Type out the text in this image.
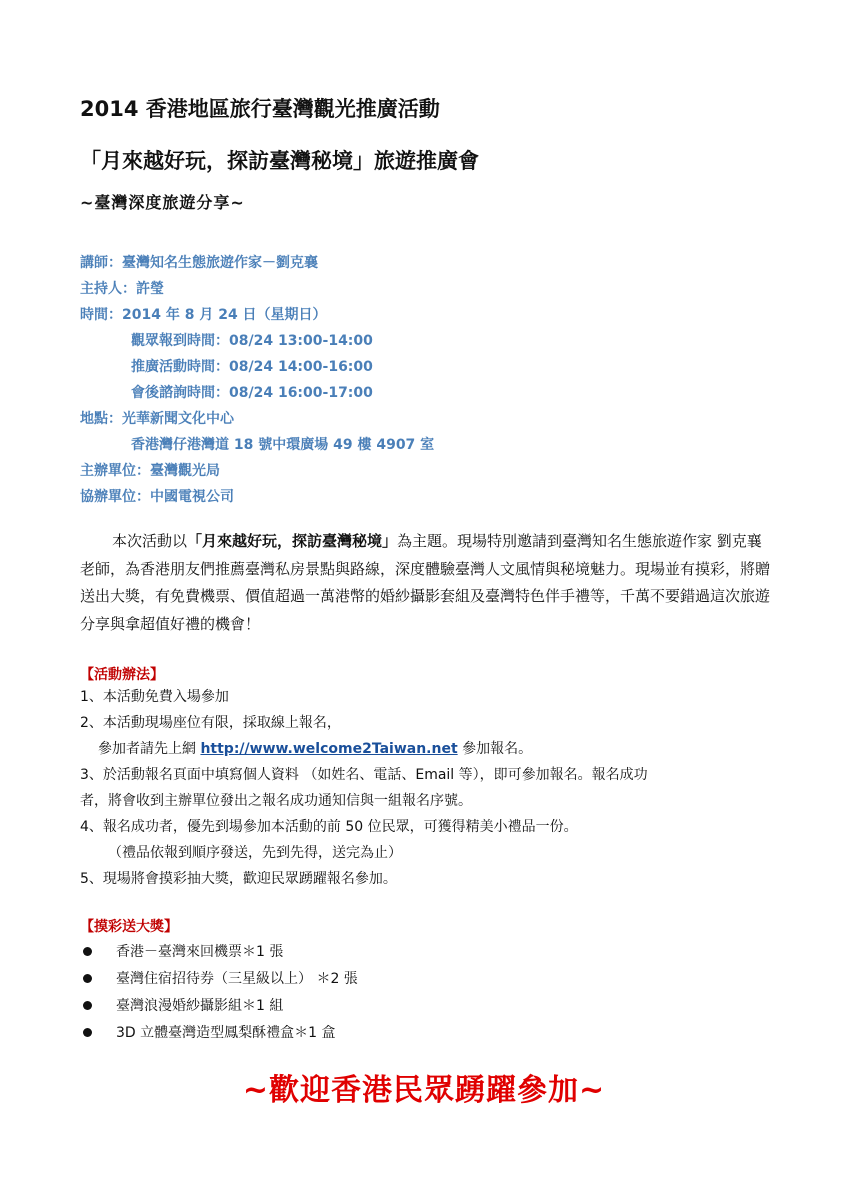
2014 香港地區旅行臺灣觀光推廣活動
「月來越好玩，探訪臺灣秘境」旅遊推廣會
~臺灣深度旅遊分享~
講師：臺灣知名生態旅遊作家－劉克襄
主持人：許瑩
時間：2014 年 8 月 24 日（星期日）
觀眾報到時間：08/24 13:00-14:00
推廣活動時間：08/24 14:00-16:00
會後諮詢時間：08/24 16:00-17:00
地點：光華新聞文化中心
香港灣仔港灣道 18 號中環廣場 49 樓 4907 室
主辦單位：臺灣觀光局
協辦單位：中國電視公司
本次活動以「月來越好玩，探訪臺灣秘境」為主題。現場特別邀請到臺灣知名生態旅遊作家 劉克襄老師，為香港朋友們推薦臺灣私房景點與路線，深度體驗臺灣人文風情與秘境魅力。現場並有摸彩，將贈送出大獎，有免費機票、價值超過一萬港幣的婚紗攝影套組及臺灣特色伴手禮等，千萬不要錯過這次旅遊分享與拿超值好禮的機會！
【活動辦法】
1、本活動免費入場參加
2、本活動現場座位有限，採取線上報名，
參加者請先上網 http://www.welcome2Taiwan.net 參加報名。
3、於活動報名頁面中填寫個人資料 （如姓名、電話、Email 等），即可參加報名。報名成功
者，將會收到主辦單位發出之報名成功通知信與一組報名序號。
4、報名成功者，優先到場參加本活動的前 50 位民眾，可獲得精美小禮品一份。
（禮品依報到順序發送，先到先得，送完為止）
5、現場將會摸彩抽大獎，歡迎民眾踴躍報名參加。
【摸彩送大獎】
香港－臺灣來回機票＊1 張
臺灣住宿招待券（三星級以上） ＊2 張
臺灣浪漫婚紗攝影組＊1 組
3D 立體臺灣造型鳳梨酥禮盒＊1 盒
~歡迎香港民眾踴躍參加~
